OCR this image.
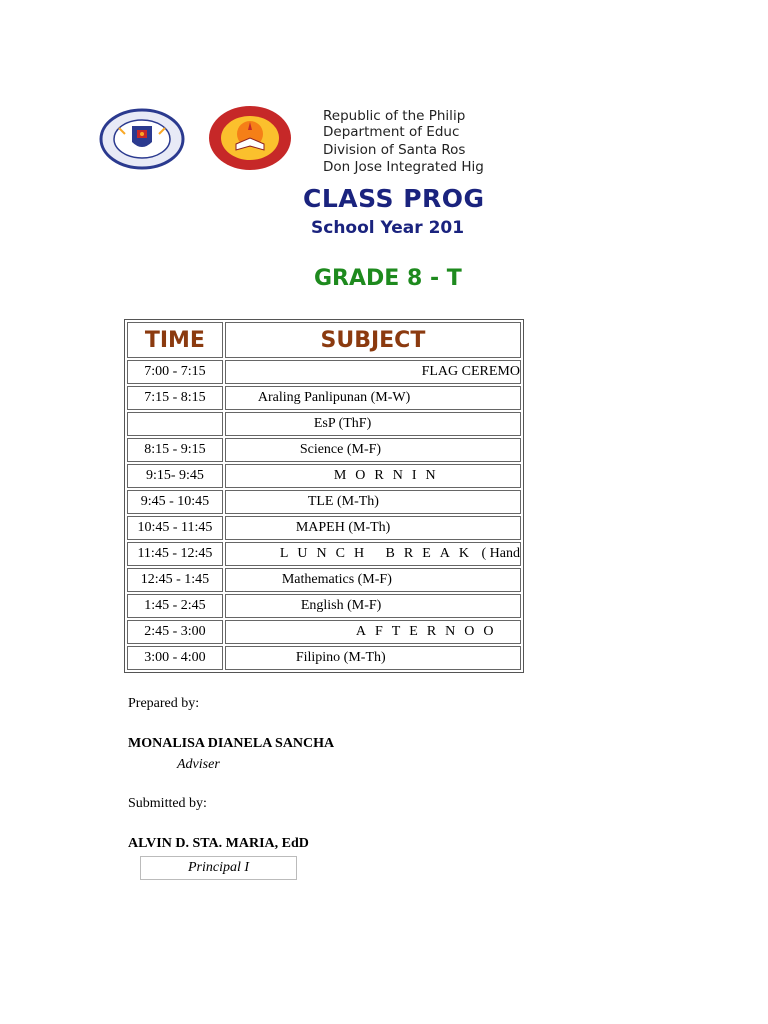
Republic of the Philip
Department of Educ
Division of Santa Ros
Don Jose Integrated Hig
CLASS PROG
School Year 201
GRADE 8 - T
TIME	SUBJECT
7:00 - 7:15	FLAG CEREMO
7:15 - 8:15	Araling Panlipunan (M-W)
	EsP (ThF)
8:15 - 9:15	Science (M-F)
9:15- 9:45	MORNIN
9:45 - 10:45	TLE (M-Th)
10:45 - 11:45	MAPEH (M-Th)
11:45 - 12:45	LUNCH BREAK ( Hand
12:45 - 1:45	Mathematics (M-F)
1:45 - 2:45	English (M-F)
2:45 - 3:00	AFTERNOO
3:00 - 4:00	Filipino (M-Th)
Prepared by:
MONALISA DIANELA SANCHA
Adviser
Submitted by:
ALVIN D. STA. MARIA, EdD
Principal I
